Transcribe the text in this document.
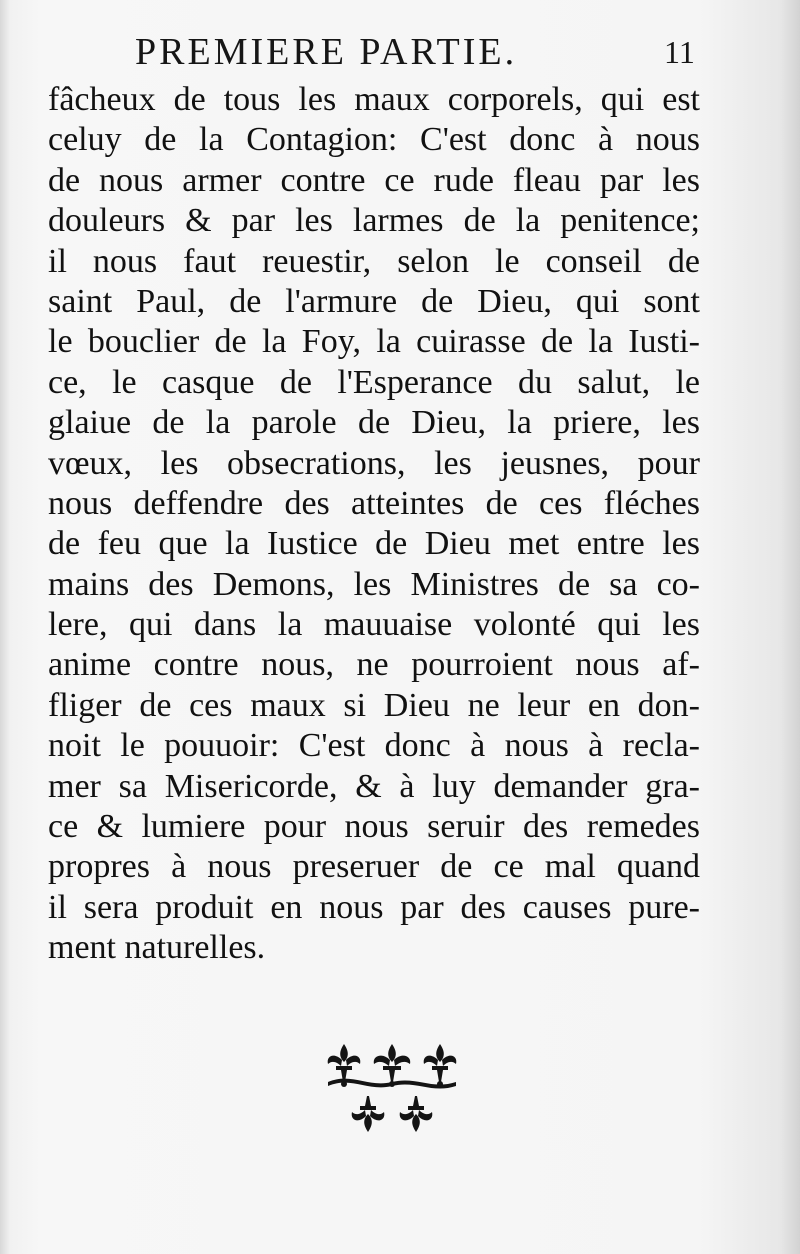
PREMIERE PARTIE.	11
fâcheux de tous les maux corporels, qui est
celuy de la Contagion: C'est donc à nous
de nous armer contre ce rude fleau par les
douleurs & par les larmes de la penitence;
il nous faut reuestir, selon le conseil de
saint Paul, de l'armure de Dieu, qui sont
le bouclier de la Foy, la cuirasse de la Iusti-
ce, le casque de l'Esperance du salut, le
glaiue de la parole de Dieu, la priere, les
vœux, les obsecrations, les jeusnes, pour
nous deffendre des atteintes de ces fléches
de feu que la Iustice de Dieu met entre les
mains des Demons, les Ministres de sa co-
lere, qui dans la mauuaise volonté qui les
anime contre nous, ne pourroient nous af-
fliger de ces maux si Dieu ne leur en don-
noit le pouuoir: C'est donc à nous à recla-
mer sa Misericorde, & à luy demander gra-
ce & lumiere pour nous seruir des remedes
propres à nous preseruer de ce mal quand
il sera produit en nous par des causes pure-
ment naturelles.
